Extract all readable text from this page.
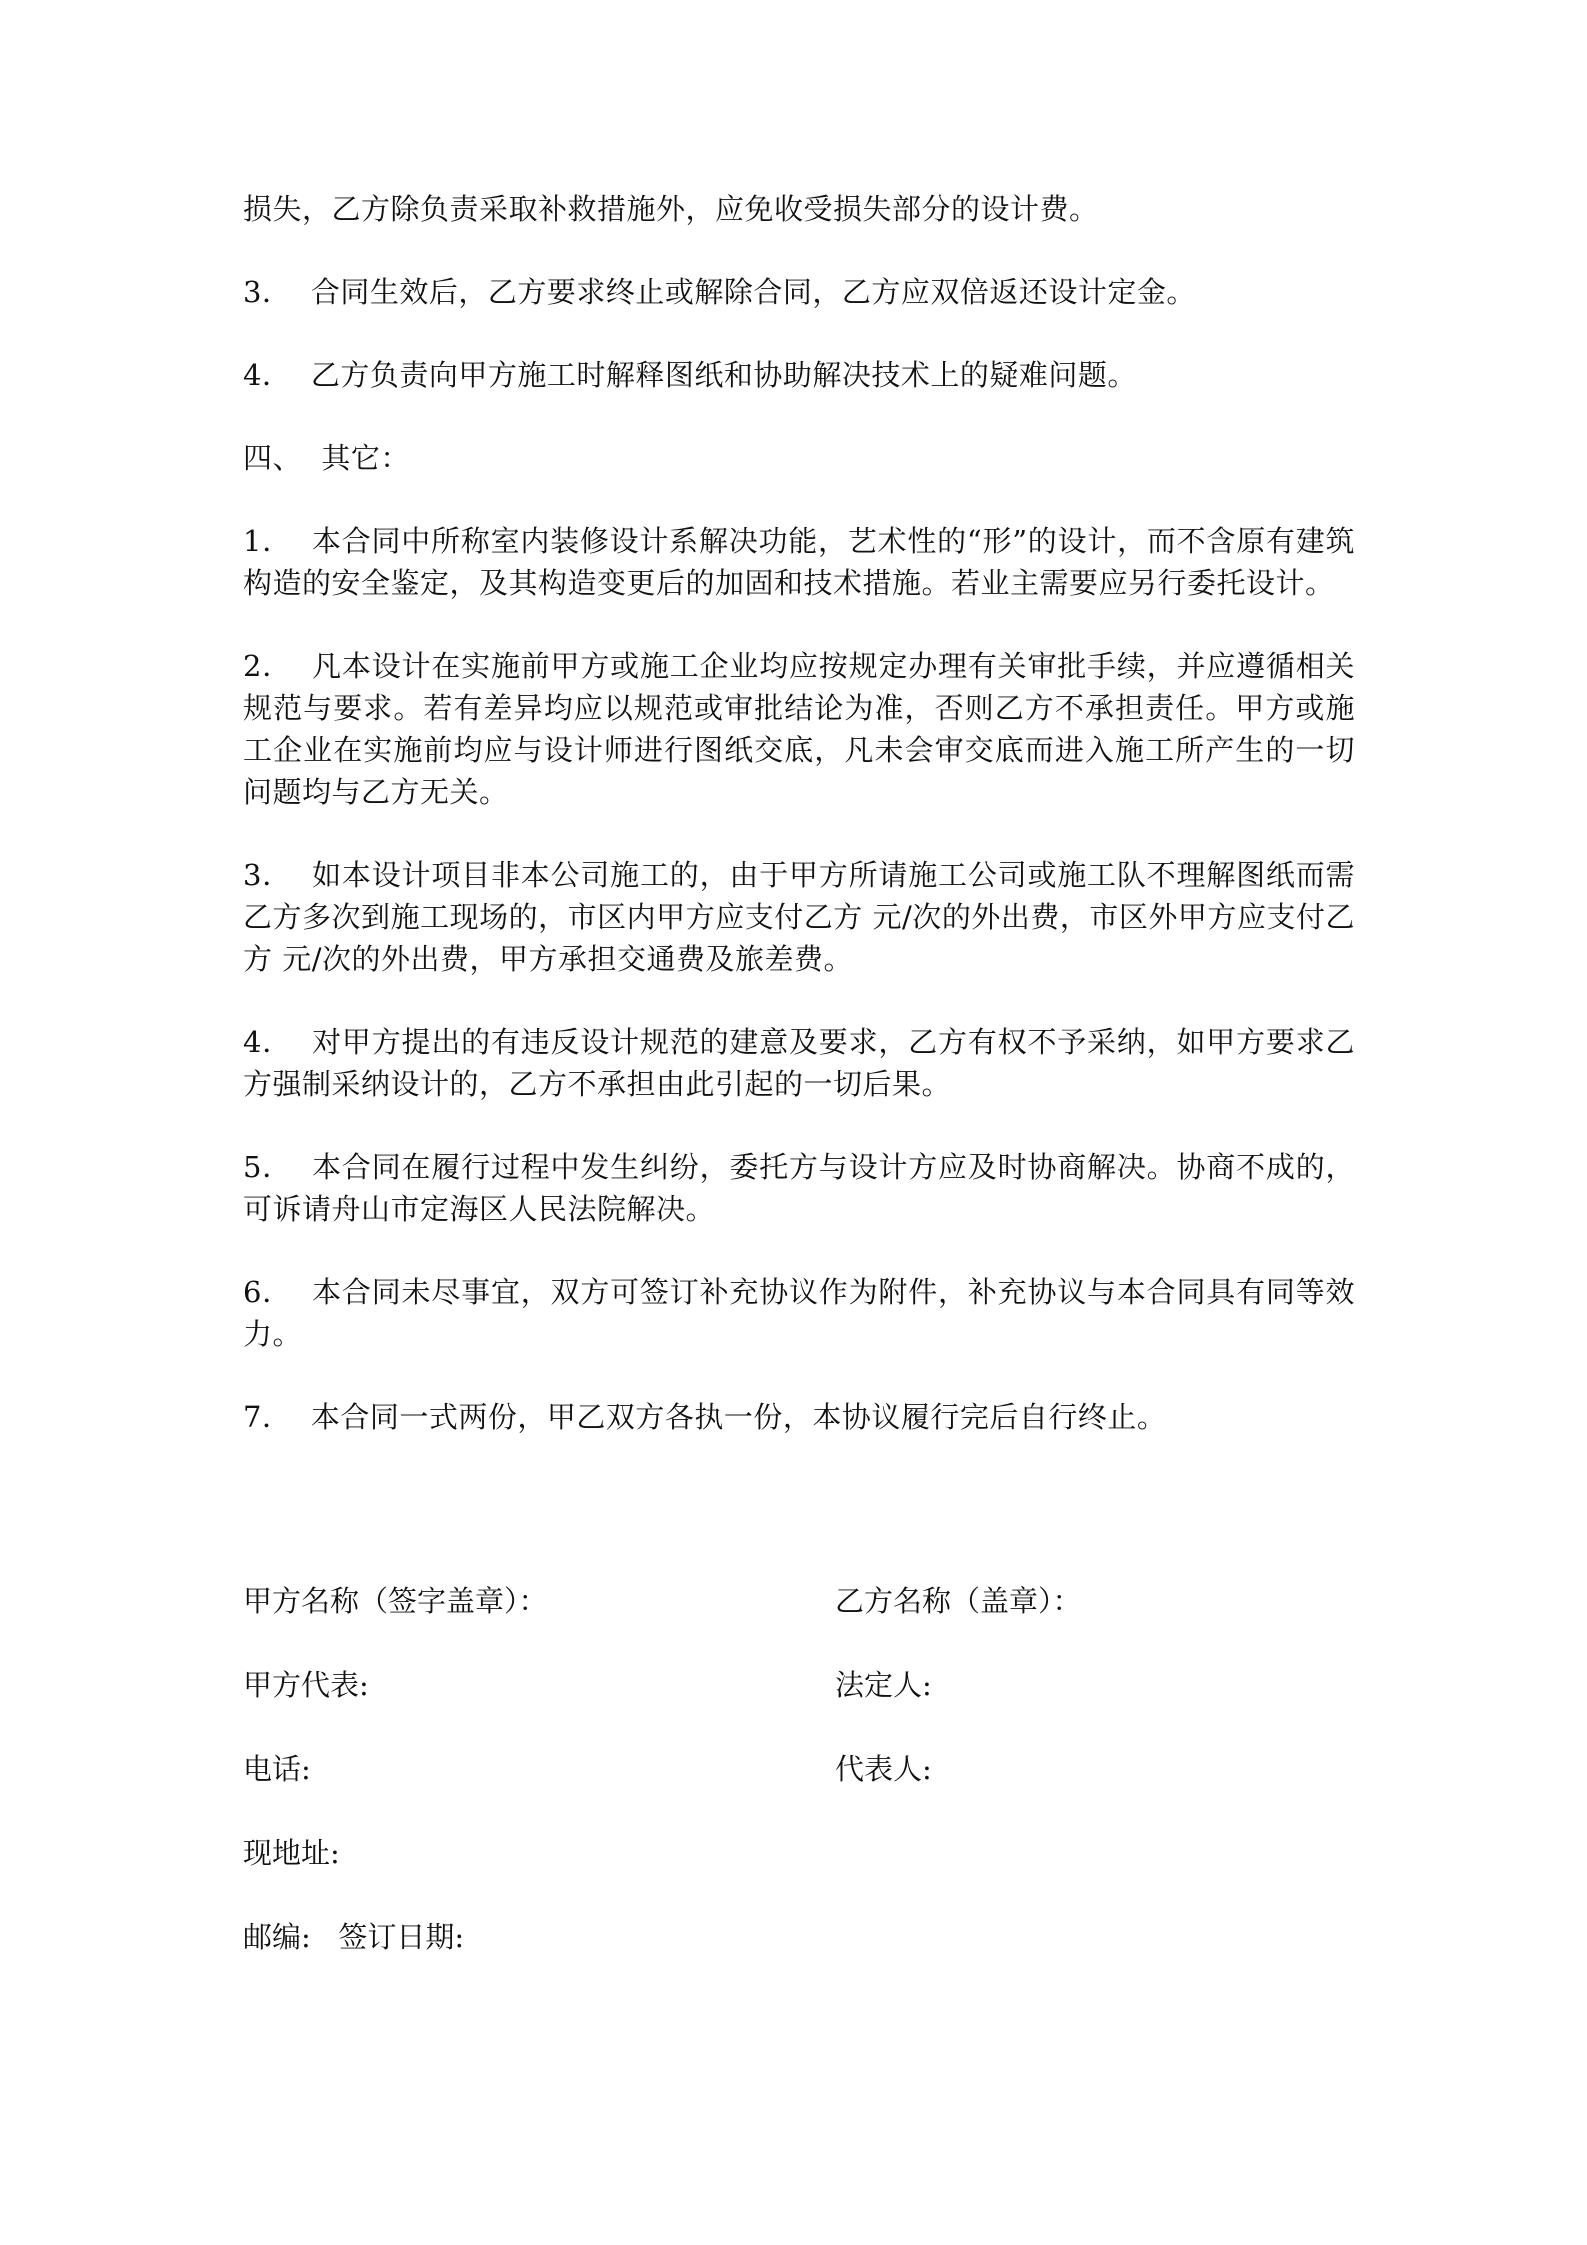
损失，乙方除负责采取补救措施外，应免收受损失部分的设计费。

3．  合同生效后，乙方要求终止或解除合同，乙方应双倍返还设计定金。

4．  乙方负责向甲方施工时解释图纸和协助解决技术上的疑难问题。

四、  其它：

1．  本合同中所称室内装修设计系解决功能，艺术性的“形”的设计，而不含原有建筑构造的安全鉴定，及其构造变更后的加固和技术措施。若业主需要应另行委托设计。

2．  凡本设计在实施前甲方或施工企业均应按规定办理有关审批手续，并应遵循相关规范与要求。若有差异均应以规范或审批结论为准，否则乙方不承担责任。甲方或施工企业在实施前均应与设计师进行图纸交底，凡未会审交底而进入施工所产生的一切问题均与乙方无关。

3．  如本设计项目非本公司施工的，由于甲方所请施工公司或施工队不理解图纸而需乙方多次到施工现场的，市区内甲方应支付乙方 元/次的外出费，市区外甲方应支付乙方 元/次的外出费，甲方承担交通费及旅差费。

4．  对甲方提出的有违反设计规范的建意及要求，乙方有权不予采纳，如甲方要求乙方强制采纳设计的，乙方不承担由此引起的一切后果。

5．  本合同在履行过程中发生纠纷，委托方与设计方应及时协商解决。协商不成的，可诉请舟山市定海区人民法院解决。

6．  本合同未尽事宜，双方可签订补充协议作为附件，补充协议与本合同具有同等效力。

7．  本合同一式两份，甲乙双方各执一份，本协议履行完后自行终止。

甲方名称（签字盖章）：

	乙方名称（盖章）：

甲方代表:

	法定人:

电话:

	代表人:

现地址:

邮编:   签订日期:
